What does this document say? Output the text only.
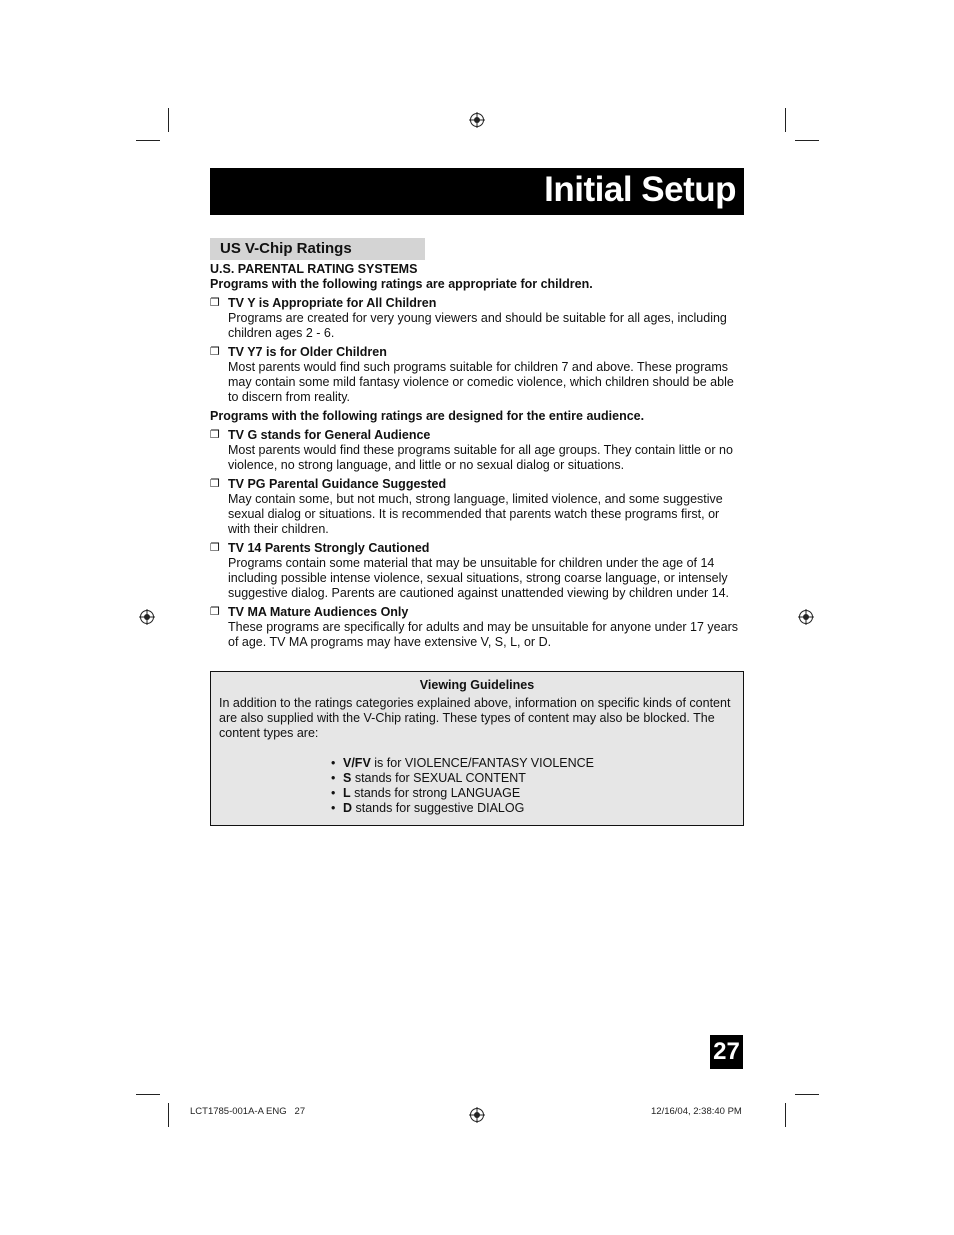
Initial Setup
US V-Chip Ratings
U.S. PARENTAL RATING SYSTEMS
Programs with the following ratings are appropriate for children.
❐ TV Y is Appropriate for All Children
Programs are created for very young viewers and should be suitable for all ages, including children ages 2 - 6.
❐ TV Y7 is for Older Children
Most parents would find such programs suitable for children 7 and above. These programs may contain some mild fantasy violence or comedic violence, which children should be able to discern from reality.
Programs with the following ratings are designed for the entire audience.
❐ TV G stands for General Audience
Most parents would find these programs suitable for all age groups. They contain little or no violence, no strong language, and little or no sexual dialog or situations.
❐ TV PG Parental Guidance Suggested
May contain some, but not much, strong language, limited violence, and some suggestive sexual dialog or situations. It is recommended that parents watch these programs first, or with their children.
❐ TV 14 Parents Strongly Cautioned
Programs contain some material that may be unsuitable for children under the age of 14 including possible intense violence, sexual situations, strong coarse language, or intensely suggestive dialog. Parents are cautioned against unattended viewing by children under 14.
❐ TV MA Mature Audiences Only
These programs are specifically for adults and may be unsuitable for anyone under 17 years of age. TV MA programs may have extensive V, S, L, or D.
Viewing Guidelines
In addition to the ratings categories explained above, information on specific kinds of content are also supplied with the V-Chip rating. These types of content may also be blocked. The content types are:
• V/FV is for VIOLENCE/FANTASY VIOLENCE
• S stands for SEXUAL CONTENT
• L stands for strong LANGUAGE
• D stands for suggestive DIALOG
27
LCT1785-001A-A ENG   27	12/16/04, 2:38:40 PM
